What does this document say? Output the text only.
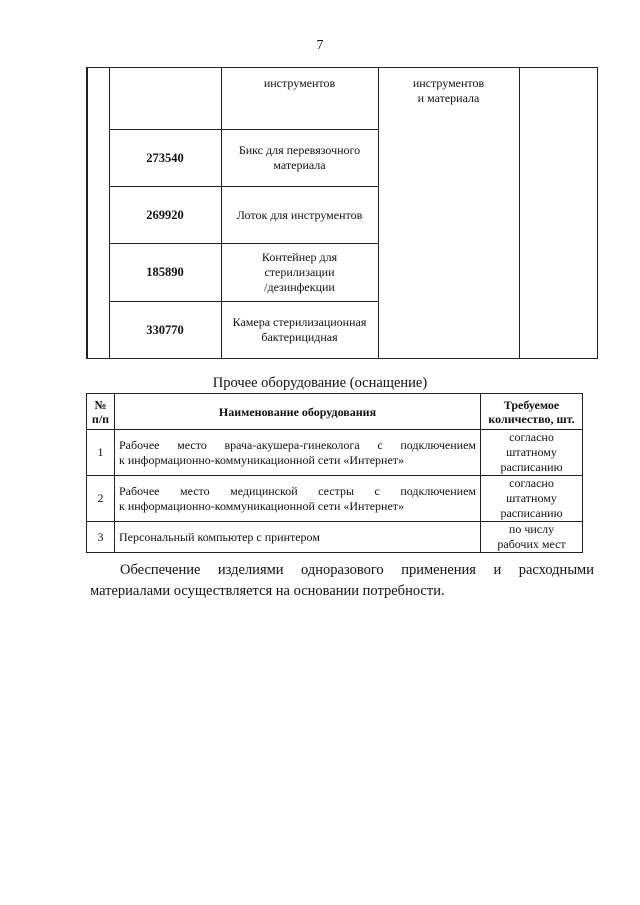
7
		инструментов	инструментов
и материала	
	273540	Бикс для перевязочного
материала		
	269920	Лоток для инструментов		
	185890	Контейнер для
стерилизации
/дезинфекции		
	330770	Камера стерилизационная
бактерицидная		
Прочее оборудование (оснащение)
№
п/п	Наименование оборудования	Требуемое
количество, шт.
1	Рабочее место врача-акушера-гинеколога с подключением
к информационно-коммуникационной сети «Интернет»	согласно
штатному
расписанию
2	Рабочее место медицинской сестры с подключением
к информационно-коммуникационной сети «Интернет»	согласно
штатному
расписанию
3	Персональный компьютер с принтером	по числу
рабочих мест
Обеспечение изделиями одноразового применения и расходными
материалами осуществляется на основании потребности.
